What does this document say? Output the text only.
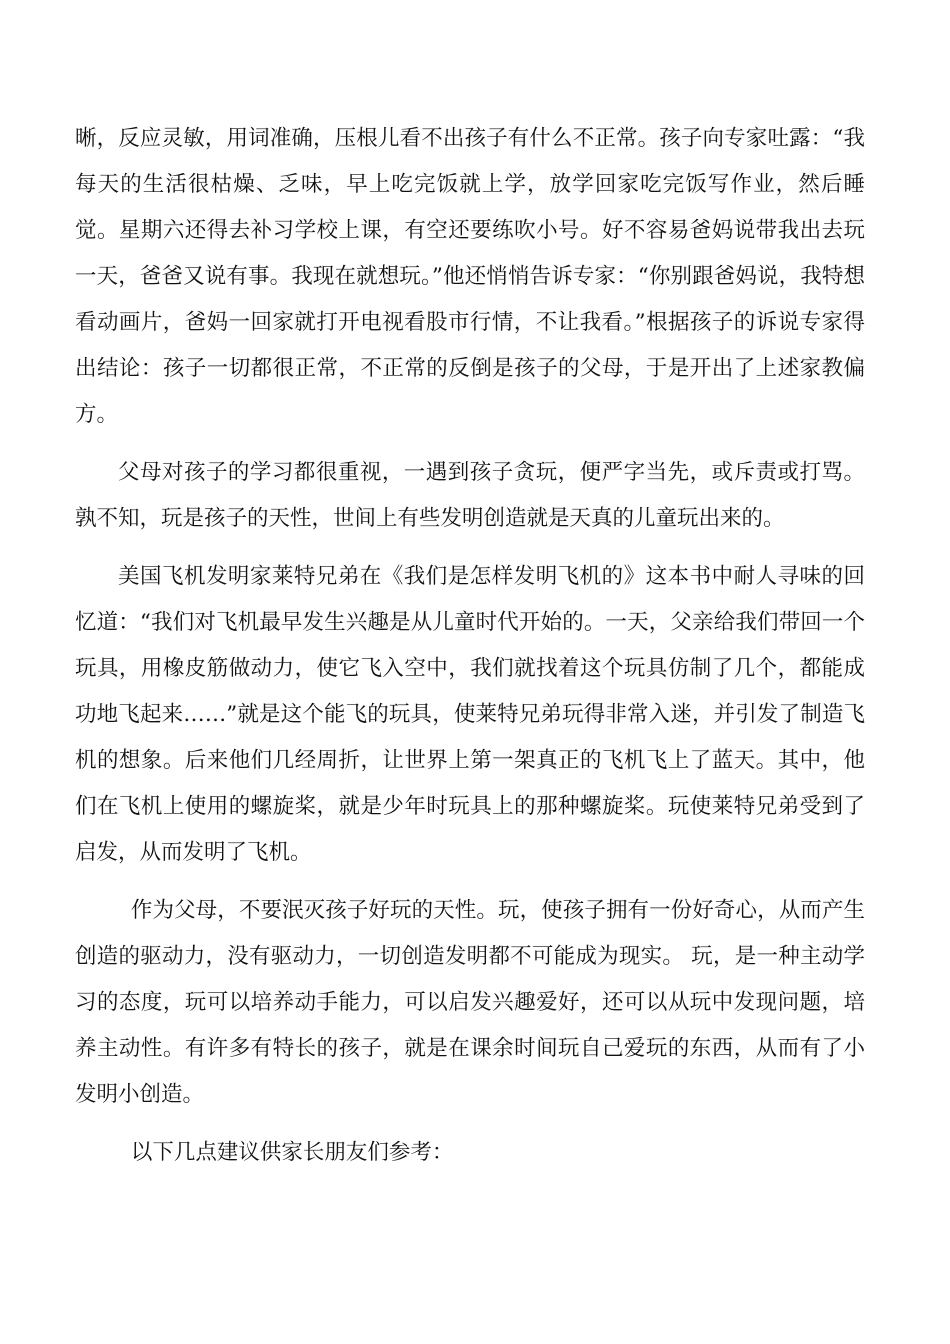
晰，反应灵敏，用词准确，压根儿看不出孩子有什么不正常。孩子向专家吐露：“我每天的生活很枯燥、乏味，早上吃完饭就上学，放学回家吃完饭写作业，然后睡觉。星期六还得去补习学校上课，有空还要练吹小号。好不容易爸妈说带我出去玩一天，爸爸又说有事。我现在就想玩。”他还悄悄告诉专家：“你别跟爸妈说，我特想看动画片，爸妈一回家就打开电视看股市行情，不让我看。”根据孩子的诉说专家得出结论：孩子一切都很正常，不正常的反倒是孩子的父母，于是开出了上述家教偏方。

父母对孩子的学习都很重视，一遇到孩子贪玩，便严字当先，或斥责或打骂。孰不知，玩是孩子的天性，世间上有些发明创造就是天真的儿童玩出来的。

美国飞机发明家莱特兄弟在《我们是怎样发明飞机的》这本书中耐人寻味的回忆道：“我们对飞机最早发生兴趣是从儿童时代开始的。一天，父亲给我们带回一个玩具，用橡皮筋做动力，使它飞入空中，我们就找着这个玩具仿制了几个，都能成功地飞起来……”就是这个能飞的玩具，使莱特兄弟玩得非常入迷，并引发了制造飞机的想象。后来他们几经周折，让世界上第一架真正的飞机飞上了蓝天。其中，他们在飞机上使用的螺旋桨，就是少年时玩具上的那种螺旋桨。玩使莱特兄弟受到了启发，从而发明了飞机。

作为父母，不要泯灭孩子好玩的天性。玩，使孩子拥有一份好奇心，从而产生创造的驱动力，没有驱动力，一切创造发明都不可能成为现实。 玩，是一种主动学习的态度，玩可以培养动手能力，可以启发兴趣爱好，还可以从玩中发现问题，培养主动性。有许多有特长的孩子，就是在课余时间玩自己爱玩的东西，从而有了小发明小创造。

以下几点建议供家长朋友们参考：
